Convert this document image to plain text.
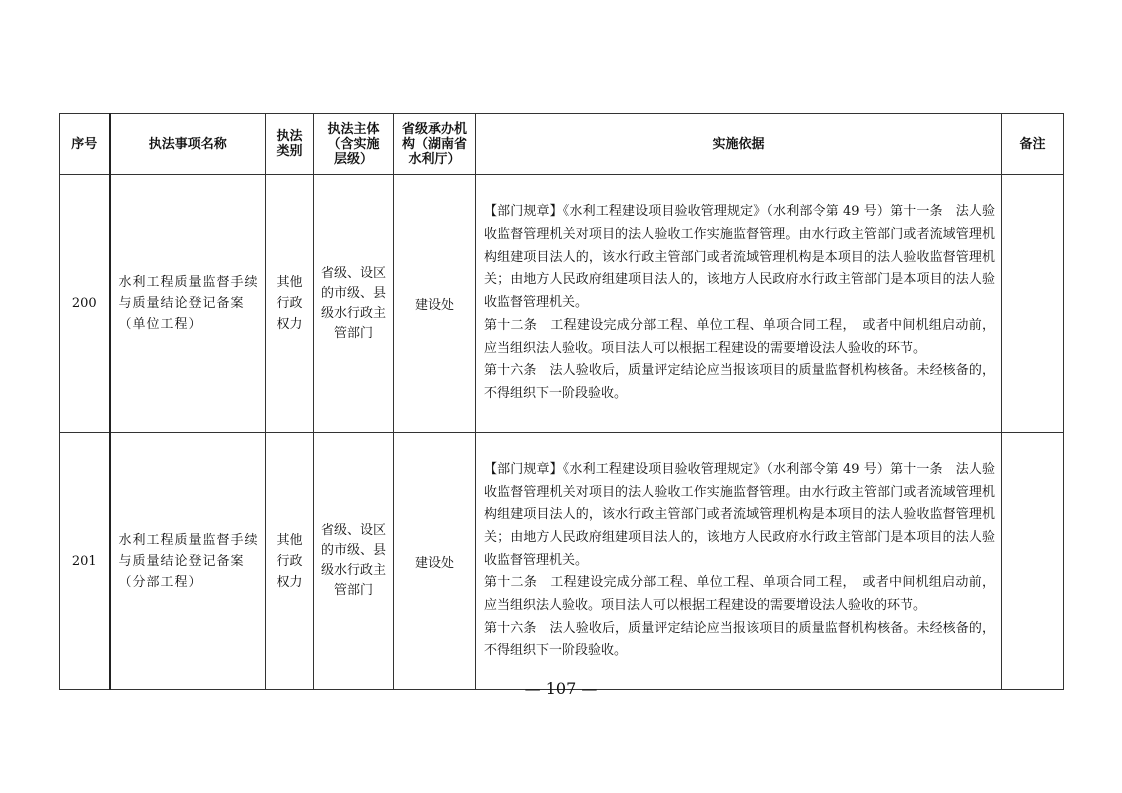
序号	执法事项名称	执法类别	执法主体（含实施层级）	省级承办机构（湖南省水利厅）	实施依据	备注
200	水利工程质量监督手续与质量结论登记备案（单位工程）	其他行政权力	省级、设区的市级、县级水行政主管部门	建设处	【部门规章】《水利工程建设项目验收管理规定》（水利部令第 49 号）第十一条　法人验收监督管理机关对项目的法人验收工作实施监督管理。由水行政主管部门或者流域管理机构组建项目法人的，该水行政主管部门或者流域管理机构是本项目的法人验收监督管理机关；由地方人民政府组建项目法人的，该地方人民政府水行政主管部门是本项目的法人验收监督管理机关。

第十二条　工程建设完成分部工程、单位工程、单项合同工程，　或者中间机组启动前，应当组织法人验收。项目法人可以根据工程建设的需要增设法人验收的环节。

第十六条　法人验收后，质量评定结论应当报该项目的质量监督机构核备。未经核备的，不得组织下一阶段验收。	

201	水利工程质量监督手续与质量结论登记备案（分部工程）	其他行政权力	省级、设区的市级、县级水行政主管部门	建设处	【部门规章】《水利工程建设项目验收管理规定》（水利部令第 49 号）第十一条　法人验收监督管理机关对项目的法人验收工作实施监督管理。由水行政主管部门或者流域管理机构组建项目法人的，该水行政主管部门或者流域管理机构是本项目的法人验收监督管理机关；由地方人民政府组建项目法人的，该地方人民政府水行政主管部门是本项目的法人验收监督管理机关。

第十二条　工程建设完成分部工程、单位工程、单项合同工程，　或者中间机组启动前，应当组织法人验收。项目法人可以根据工程建设的需要增设法人验收的环节。

第十六条　法人验收后，质量评定结论应当报该项目的质量监督机构核备。未经核备的，不得组织下一阶段验收。	

— 107 —
